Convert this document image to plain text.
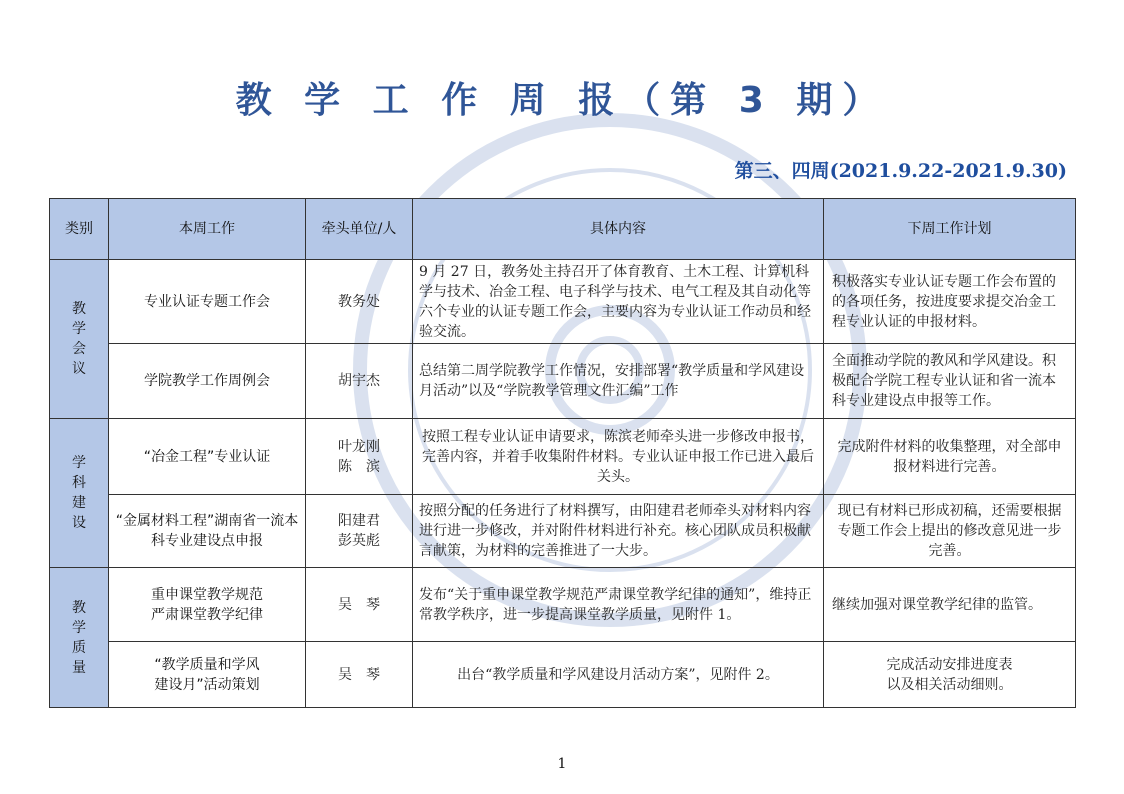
教 学 工 作 周 报（第 3 期）
第三、四周(2021.9.22-2021.9.30)
类别	本周工作	牵头单位/人	具体内容	下周工作计划
教
学
会
议	专业认证专题工作会	教务处	9 月 27 日，教务处主持召开了体育教育、土木工程、计算机科学与技术、冶金工程、电子科学与技术、电气工程及其自动化等六个专业的认证专题工作会，主要内容为专业认证工作动员和经验交流。	积极落实专业认证专题工作会布置的的各项任务，按进度要求提交冶金工程专业认证的申报材料。
	学院教学工作周例会	胡宇杰	总结第二周学院教学工作情况，安排部署“教学质量和学风建设月活动”以及“学院教学管理文件汇编”工作	全面推动学院的教风和学风建设。积极配合学院工程专业认证和省一流本科专业建设点申报等工作。
学
科
建
设	“冶金工程”专业认证	叶龙刚
陈　滨	按照工程专业认证申请要求，陈滨老师牵头进一步修改申报书，完善内容，并着手收集附件材料。专业认证申报工作已进入最后关头。	完成附件材料的收集整理，对全部申报材料进行完善。
	“金属材料工程”湖南省一流本科专业建设点申报	阳建君
彭英彪	按照分配的任务进行了材料撰写，由阳建君老师牵头对材料内容进行进一步修改，并对附件材料进行补充。核心团队成员积极献言献策，为材料的完善推进了一大步。	现已有材料已形成初稿，还需要根据专题工作会上提出的修改意见进一步完善。
教
学
质
量	重申课堂教学规范
严肃课堂教学纪律	吴　琴	发布“关于重申课堂教学规范严肃课堂教学纪律的通知”，维持正常教学秩序，进一步提高课堂教学质量，见附件 1。	继续加强对课堂教学纪律的监管。
	“教学质量和学风
建设月”活动策划	吴　琴	出台“教学质量和学风建设月活动方案”，见附件 2。	完成活动安排进度表
以及相关活动细则。
1
